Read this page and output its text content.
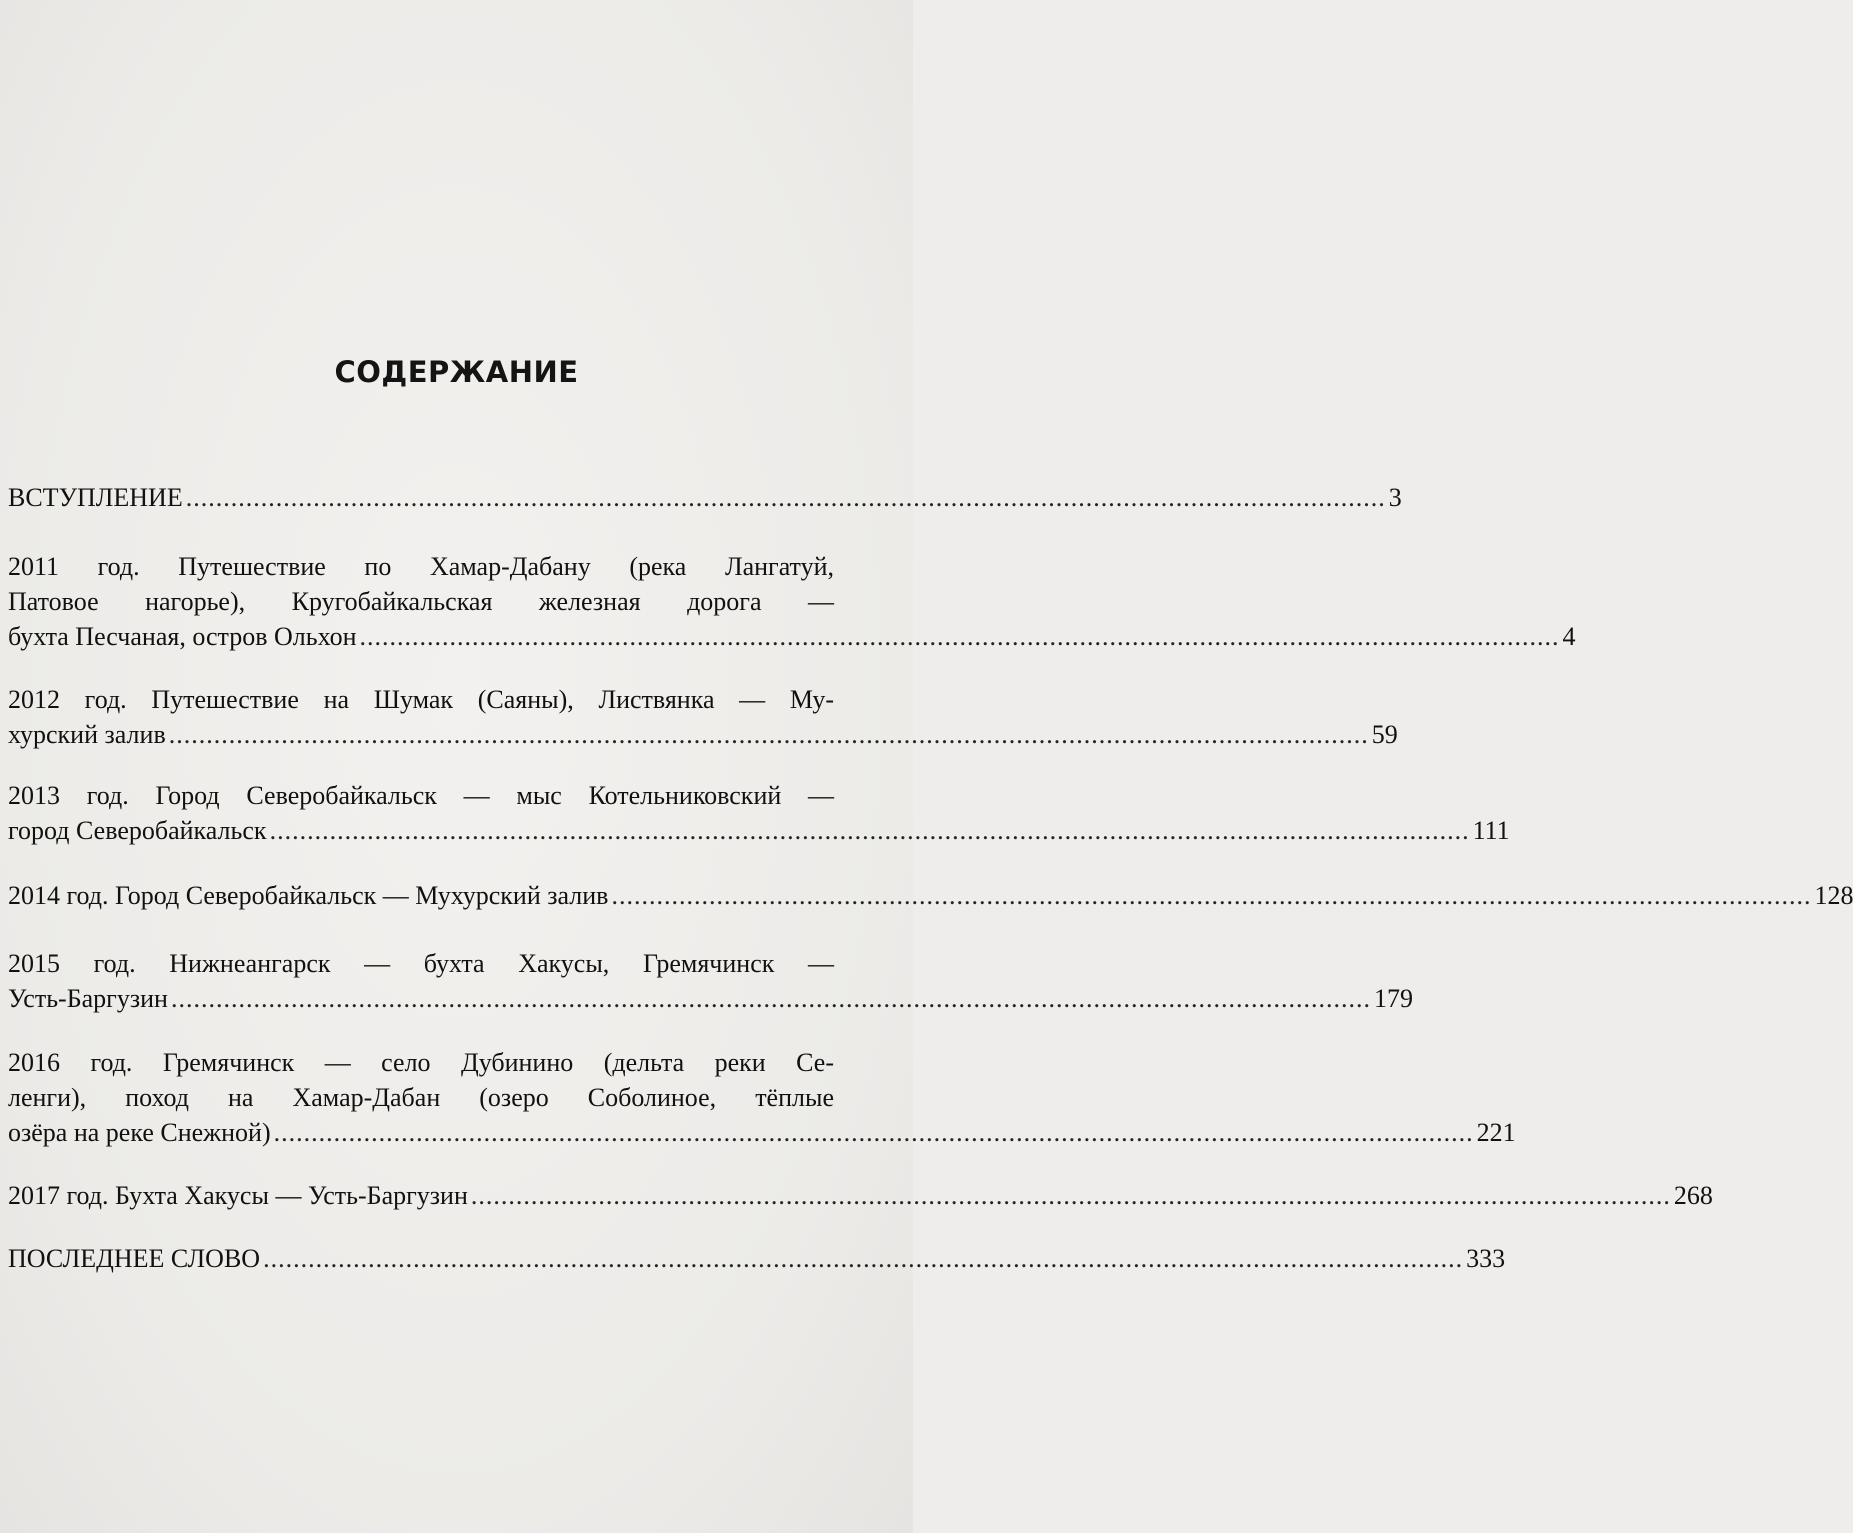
СОДЕРЖАНИЕ
ВСТУПЛЕНИЕ ................................................................................................................................................................ 3
2011 год. Путешествие по Хамар-Дабану (река Лангатуй,
Патовое нагорье), Кругобайкальская железная дорога —
бухта Песчаная, остров Ольхон ................................................................................................................................................................ 4
2012 год. Путешествие на Шумак (Саяны), Листвянка — Му-
хурский залив ................................................................................................................................................................ 59
2013 год. Город Северобайкальск — мыс Котельниковский —
город Северобайкальск ................................................................................................................................................................ 111
2014 год. Город Северобайкальск — Мухурский залив ................................................................................................................................................................ 128
2015 год. Нижнеангарск — бухта Хакусы, Гремячинск —
Усть-Баргузин ................................................................................................................................................................ 179
2016 год. Гремячинск — село Дубинино (дельта реки Се-
ленги), поход на Хамар-Дабан (озеро Соболиное, тёплые
озёра на реке Снежной) ................................................................................................................................................................ 221
2017 год. Бухта Хакусы — Усть-Баргузин ................................................................................................................................................................ 268
ПОСЛЕДНЕЕ СЛОВО ................................................................................................................................................................ 333
